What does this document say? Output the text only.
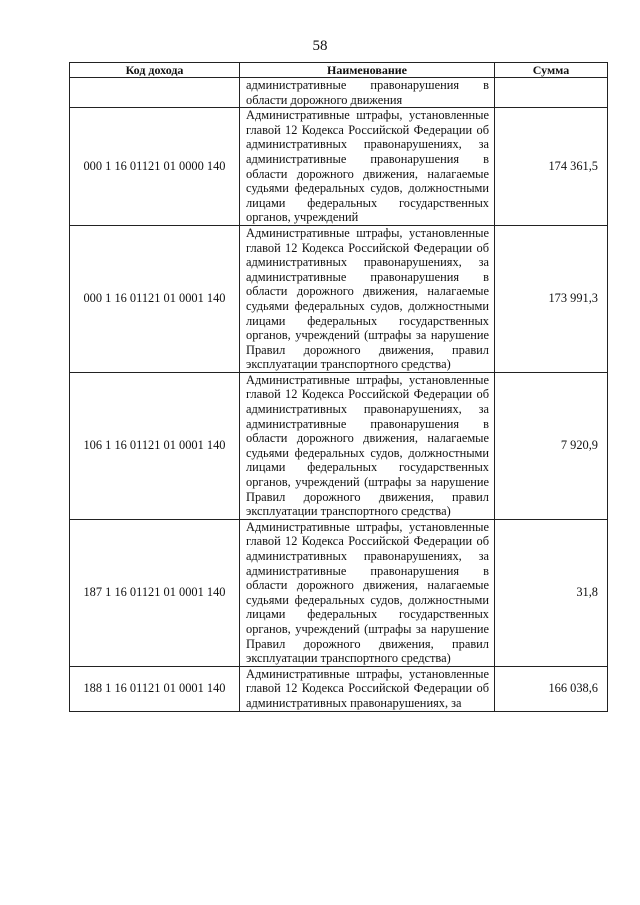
58
Код дохода	Наименование	Сумма

	административные правонарушения в области дорожного движения	

000 1 16 01121 01 0000 140	Административные штрафы, установленные главой 12 Кодекса Российской Федерации об административных правонарушениях, за административные правонарушения в области дорожного движения, налагаемые судьями федеральных судов, должностными лицами федеральных государственных органов, учреждений	174 361,5
000 1 16 01121 01 0001 140	Административные штрафы, установленные главой 12 Кодекса Российской Федерации об административных правонарушениях, за административные правонарушения в области дорожного движения, налагаемые судьями федеральных судов, должностными лицами федеральных государственных органов, учреждений (штрафы за нарушение Правил дорожного движения, правил эксплуатации транспортного средства)	173 991,3
106 1 16 01121 01 0001 140	Административные штрафы, установленные главой 12 Кодекса Российской Федерации об административных правонарушениях, за административные правонарушения в области дорожного движения, налагаемые судьями федеральных судов, должностными лицами федеральных государственных органов, учреждений (штрафы за нарушение Правил дорожного движения, правил эксплуатации транспортного средства)	7 920,9
187 1 16 01121 01 0001 140	Административные штрафы, установленные главой 12 Кодекса Российской Федерации об административных правонарушениях, за административные правонарушения в области дорожного движения, налагаемые судьями федеральных судов, должностными лицами федеральных государственных органов, учреждений (штрафы за нарушение Правил дорожного движения, правил эксплуатации транспортного средства)	31,8
188 1 16 01121 01 0001 140	Административные штрафы, установленные главой 12 Кодекса Российской Федерации об административных правонарушениях, за	166 038,6
